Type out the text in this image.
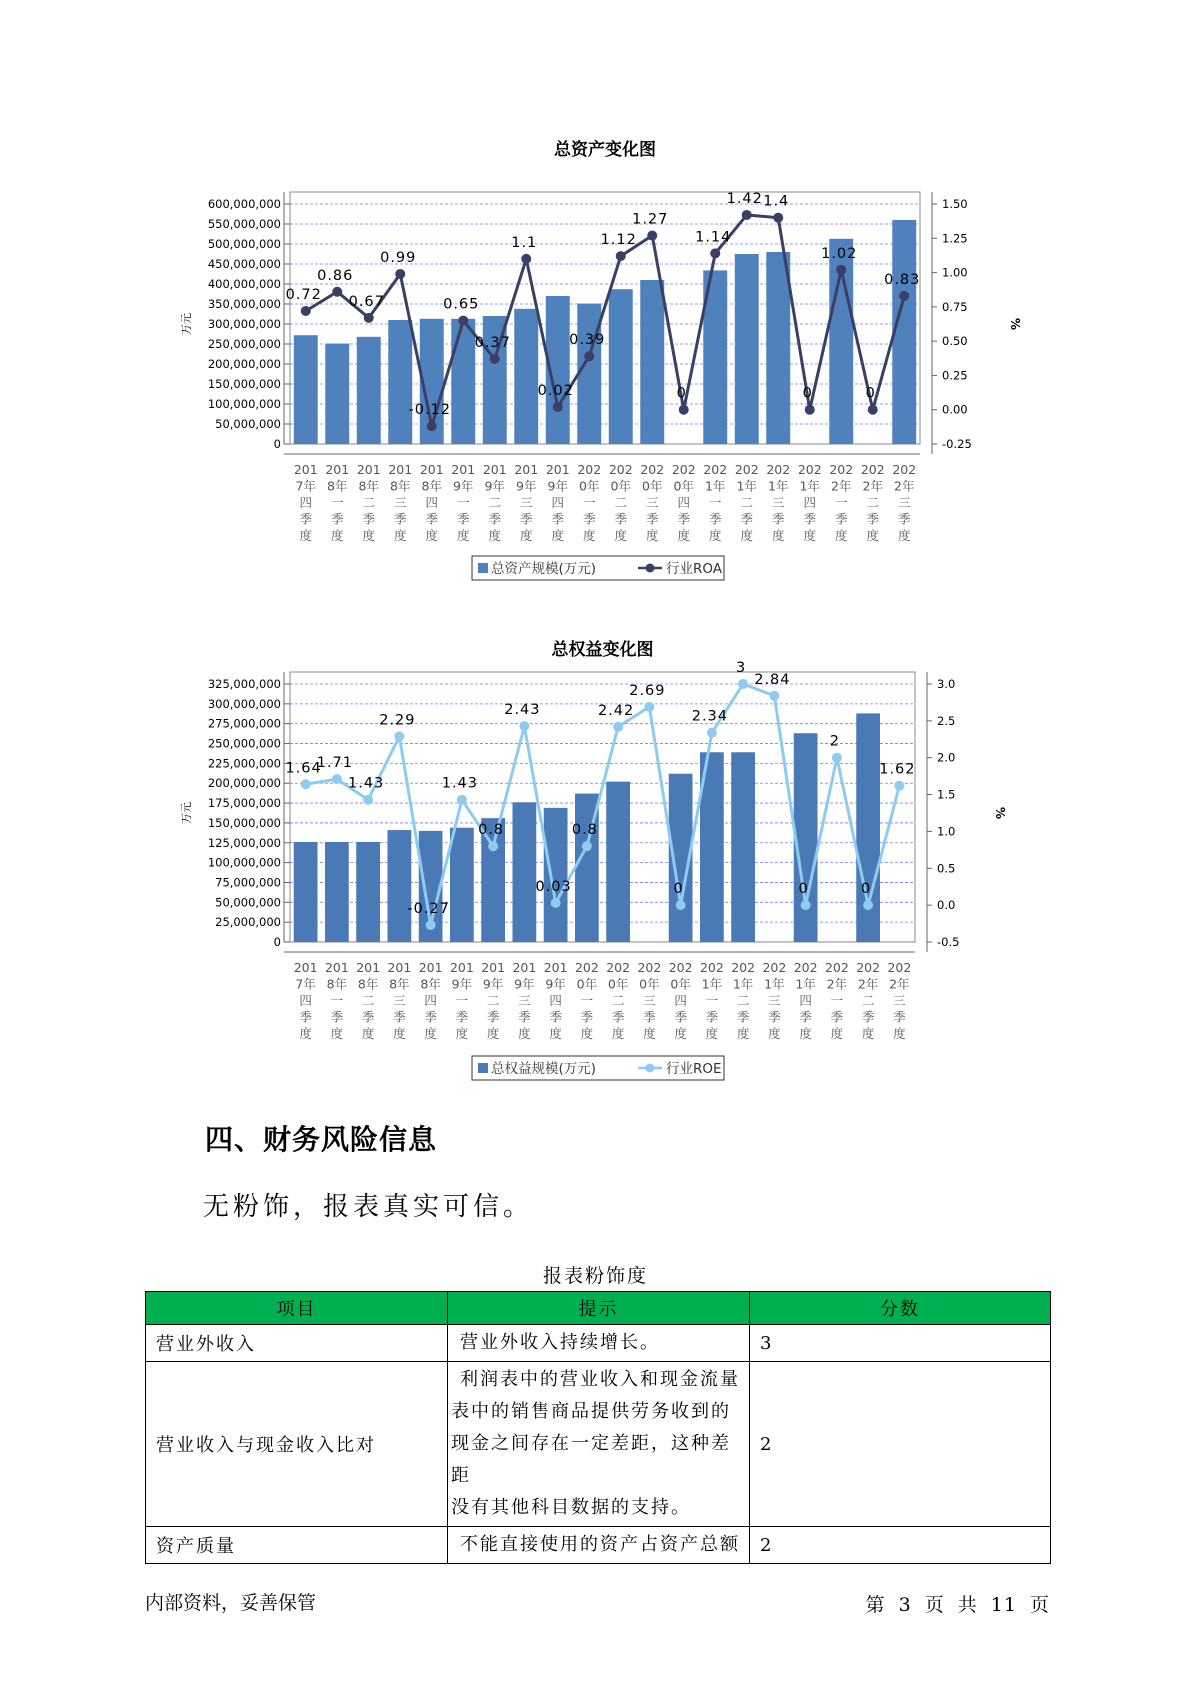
总资产变化图
0
50,000,000
100,000,000
150,000,000
200,000,000
250,000,000
300,000,000
350,000,000
400,000,000
450,000,000
500,000,000
550,000,000
600,000,000
-0.25
0.00
0.25
0.50
0.75
1.00
1.25
1.50
万元	%
201
7年
四
季
度
201
8年
一
季
度
201
8年
二
季
度
201
8年
三
季
度
201
8年
四
季
度
201
9年
一
季
度
201
9年
二
季
度
201
9年
三
季
度
201
9年
四
季
度
202
0年
一
季
度
202
0年
二
季
度
202
0年
三
季
度
202
0年
四
季
度
202
1年
一
季
度
202
1年
二
季
度
202
1年
三
季
度
202
1年
四
季
度
202
2年
一
季
度
202
2年
二
季
度
202
2年
三
季
度
0.72
0.86
0.67
0.99
-0.12
0.65
0.37
1.1
0.02
0.39
1.12
1.27
0
1.14
1.42 1.4
0
1.02
0
0.83
总资产规模(万元)	行业ROA
总权益变化图
0
25,000,000
50,000,000
75,000,000
100,000,000
125,000,000
150,000,000
175,000,000
200,000,000
225,000,000
250,000,000
275,000,000
300,000,000
325,000,000
-0.5
0.0
0.5
1.0
1.5
2.0
2.5
3.0
万元	%
201
7年
四
季
度
201
8年
一
季
度
201
8年
二
季
度
201
8年
三
季
度
201
8年
四
季
度
201
9年
一
季
度
201
9年
二
季
度
201
9年
三
季
度
201
9年
四
季
度
202
0年
一
季
度
202
0年
二
季
度
202
0年
三
季
度
202
0年
四
季
度
202
1年
一
季
度
202
1年
二
季
度
202
1年
三
季
度
202
1年
四
季
度
202
2年
一
季
度
202
2年
二
季
度
202
2年
三
季
度
1.64
1.71
1.43
2.29
-0.27
1.43
0.8
2.43
0.03
0.8
2.42
2.69
0
2.34
3
2.84
0
2
0
1.62
总权益规模(万元)	行业ROE
四、财务风险信息

无粉饰，报表真实可信。

报表粉饰度
项目	提示	分数
营业外收入	营业外收入持续增长。	3
营业收入与现金收入比对	利润表中的营业收入和现金流量
表中的销售商品提供劳务收到的
现金之间存在一定差距，这种差距
没有其他科目数据的支持。	2
资产质量	不能直接使用的资产占资产总额	2
内部资料，妥善保管	第 3 页 共 11 页
